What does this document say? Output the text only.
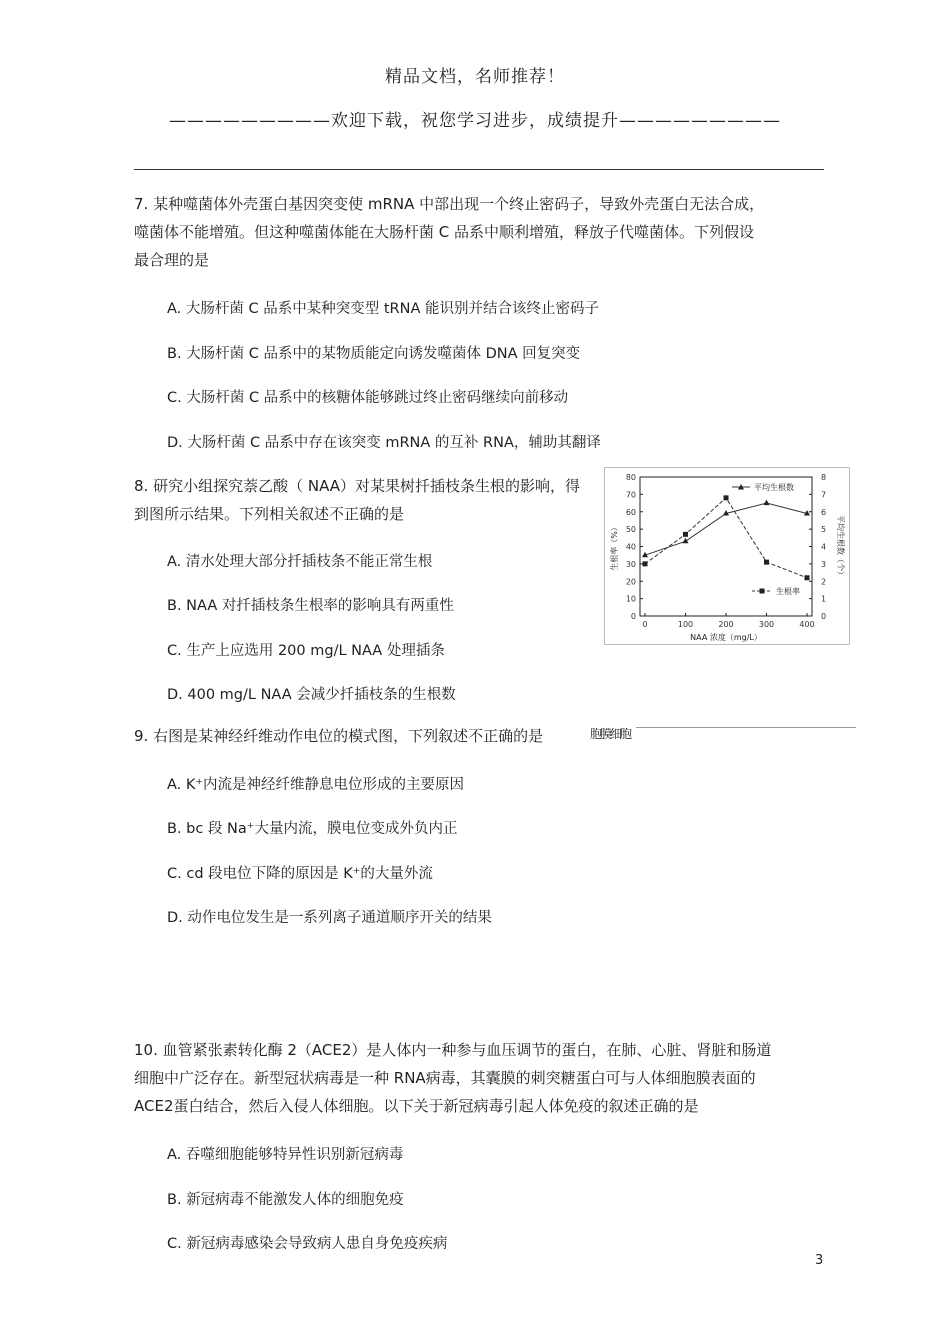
精品文档，名师推荐！
—————————欢迎下载，祝您学习进步，成绩提升—————————
7. 某种噬菌体外壳蛋白基因突变使 mRNA 中部出现一个终止密码子，导致外壳蛋白无法合成，
噬菌体不能增殖。但这种噬菌体能在大肠杆菌 C 品系中顺利增殖，释放子代噬菌体。下列假设
最合理的是
A. 大肠杆菌 C 品系中某种突变型 tRNA 能识别并结合该终止密码子
B. 大肠杆菌 C 品系中的某物质能定向诱发噬菌体 DNA 回复突变
C. 大肠杆菌 C 品系中的核糖体能够跳过终止密码继续向前移动
D. 大肠杆菌 C 品系中存在该突变 mRNA 的互补 RNA，辅助其翻译
8. 研究小组探究萘乙酸（ NAA）对某果树扦插枝条生根的影响，得
到图所示结果。下列相关叙述不正确的是
A. 清水处理大部分扦插枝条不能正常生根
B. NAA 对扦插枝条生根率的影响具有两重性
C. 生产上应选用 200 mg/L NAA 处理插条
D. 400 mg/L NAA 会减少扦插枝条的生根数
0
10
20
30
40
50
60
70
80
0
1
2
3
4
5
6
7
8
0	100	200	300	400
生根率（%）	平均生根数（个）
NAA 浓度（mg/L）
平均生根数
生根率
9. 右图是某神经纤维动作电位的模式图，下列叙述不正确的是	胞膜细胞
A. K⁺内流是神经纤维静息电位形成的主要原因
B. bc 段 Na⁺大量内流，膜电位变成外负内正
C. cd 段电位下降的原因是 K⁺的大量外流
D. 动作电位发生是一系列离子通道顺序开关的结果
10. 血管紧张素转化酶 2（ACE2）是人体内一种参与血压调节的蛋白，在肺、心脏、肾脏和肠道
细胞中广泛存在。新型冠状病毒是一种 RNA病毒，其囊膜的刺突糖蛋白可与人体细胞膜表面的
ACE2蛋白结合，然后入侵人体细胞。以下关于新冠病毒引起人体免疫的叙述正确的是
A. 吞噬细胞能够特异性识别新冠病毒
B. 新冠病毒不能激发人体的细胞免疫
C. 新冠病毒感染会导致病人患自身免疫疾病
3
